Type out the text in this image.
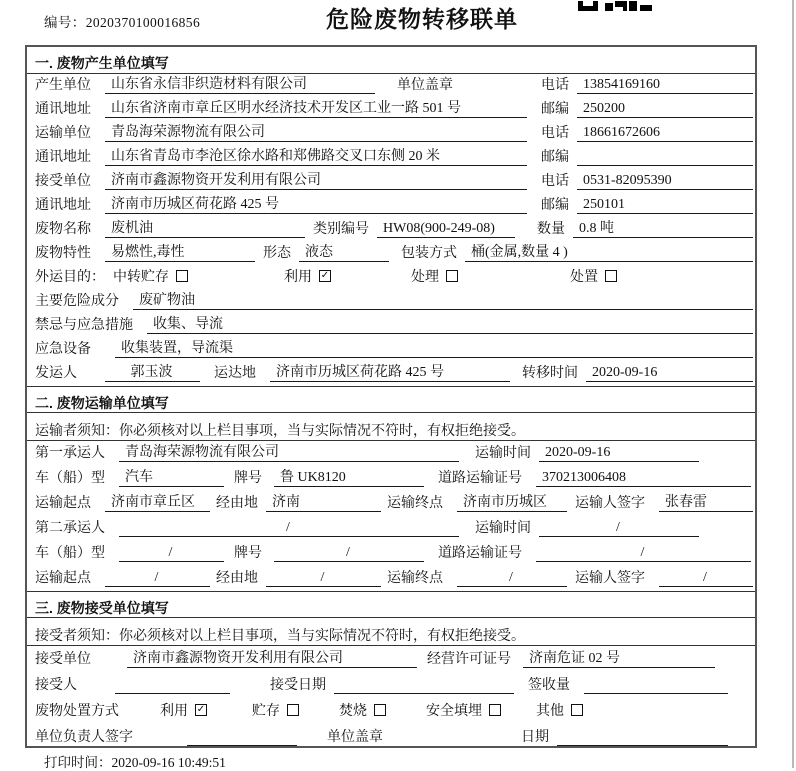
编号：2020370100016856	危险废物转移联单
一. 废物产生单位填写
产生单位	山东省永信非织造材料有限公司	单位盖章	电话	13854169160
通讯地址	山东省济南市章丘区明水经济技术开发区工业一路 501 号	邮编	250200
运输单位	青岛海荣源物流有限公司	电话	18661672606
通讯地址	山东省青岛市李沧区徐水路和郑佛路交叉口东侧 20 米	邮编
接受单位	济南市鑫源物资开发利用有限公司	电话	0531-82095390
通讯地址	济南市历城区荷花路 425 号	邮编	250101
废物名称	废机油	类别编号	HW08(900-249-08)	数量	0.8 吨
废物特性	易燃性,毒性	形态	液态	包装方式	桶(金属,数量 4 )
外运目的： 中转贮存	利用 ✓	处理	处置
主要危险成分	废矿物油
禁忌与应急措施	收集、导流
应急设备	收集装置，导流渠
发运人	郭玉波	运达地	济南市历城区荷花路 425 号	转移时间	2020-09-16
二. 废物运输单位填写
运输者须知：你必须核对以上栏目事项，当与实际情况不符时，有权拒绝接受。
第一承运人	青岛海荣源物流有限公司	运输时间	2020-09-16
车（船）型	汽车	牌号	鲁 UK8120	道路运输证号	370213006408
运输起点	济南市章丘区	经由地	济南	运输终点	济南市历城区	运输人签字	张春雷
第二承运人	/	运输时间	/
车（船）型	/	牌号	/	道路运输证号	/
运输起点	/	经由地	/	运输终点	/	运输人签字	/
三. 废物接受单位填写
接受者须知：你必须核对以上栏目事项，当与实际情况不符时，有权拒绝接受。
接受单位	济南市鑫源物资开发利用有限公司	经营许可证号	济南危证 02 号
接受人	接受日期	签收量
废物处置方式	利用 ✓	贮存	焚烧	安全填埋	其他
单位负责人签字	单位盖章	日期
打印时间：2020-09-16 10:49:51
